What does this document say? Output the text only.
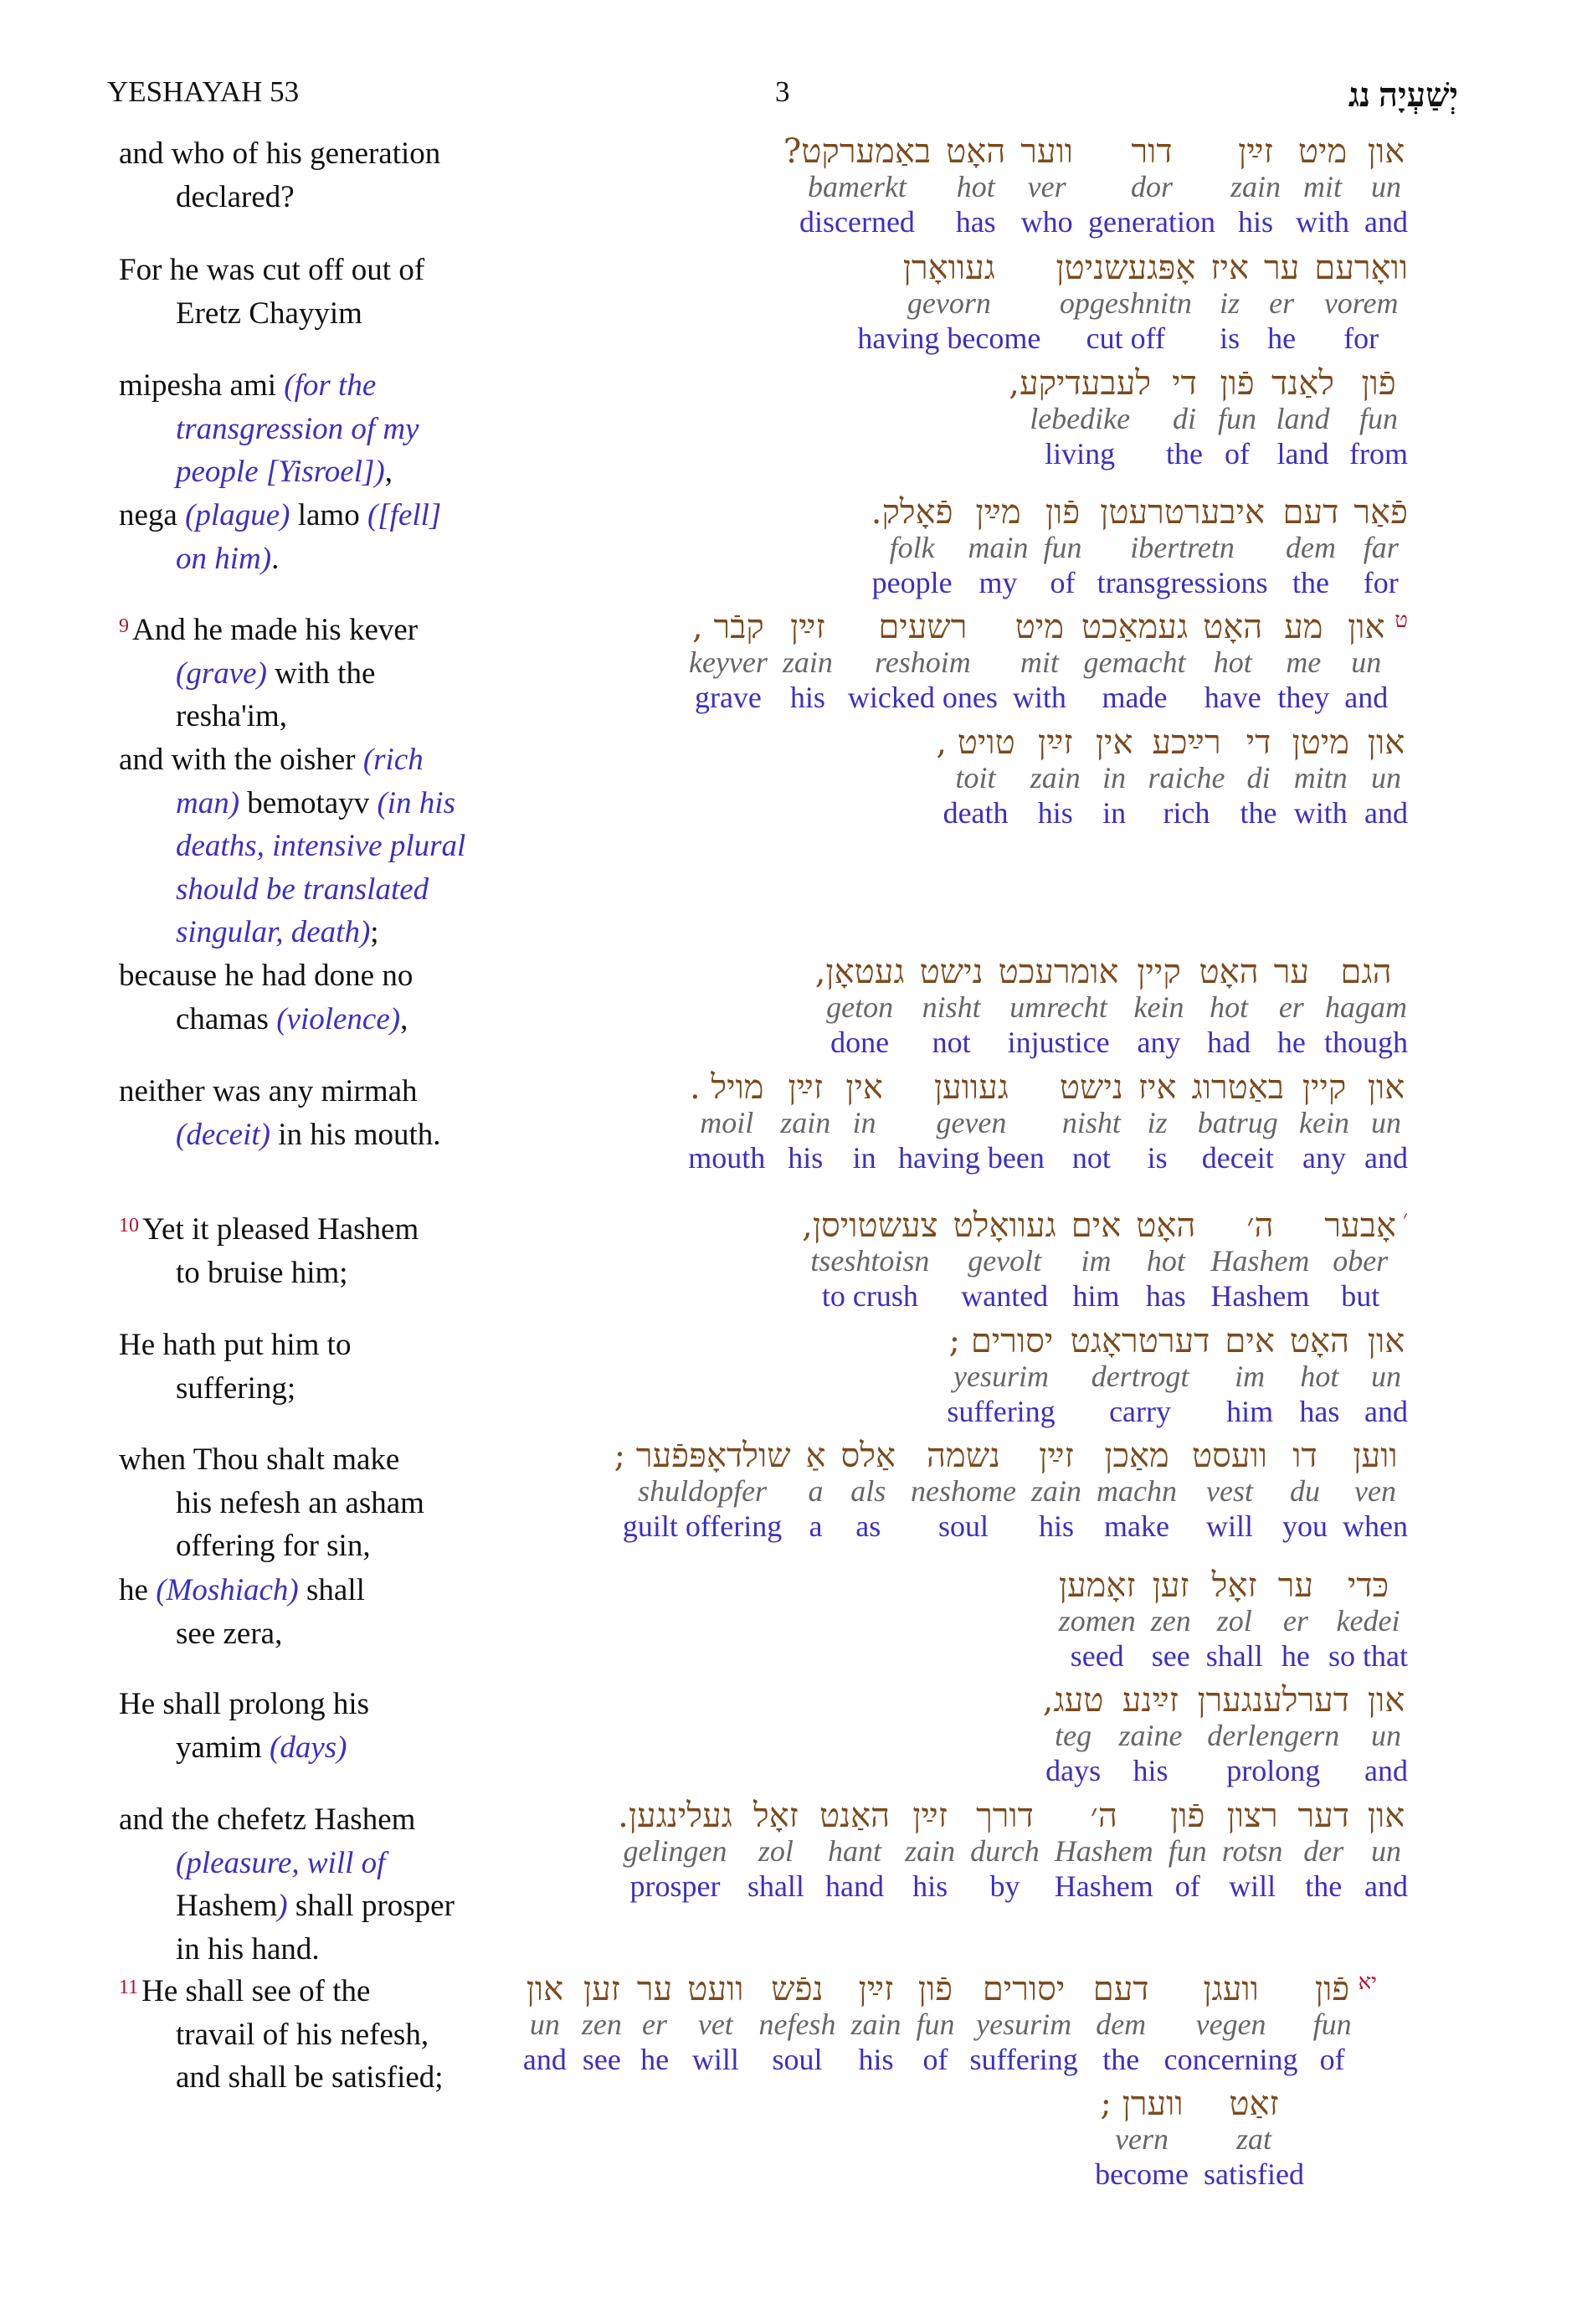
YESHAYAH 53	3	יְשַׁעְיָה נג
and who of his generation
declared?
For he was cut off out of
Eretz Chayyim
mipesha ami (for the
transgression of my
people [Yisroel]),
nega (plague) lamo ([fell]
on him).
$^9$ And he made his kever
(grave) with the
resha'im,
and with the oisher (rich
man) bemotayv (in his
deaths, intensive plural
should be translated
singular, death);
because he had done no
chamas (violence),
neither was any mirmah
(deceit) in his mouth.
$^{10}$ Yet it pleased Hashem
to bruise him;
He hath put him to
suffering;
when Thou shalt make
his nefesh an asham
offering for sin,
he (Moshiach) shall
see zera,
He shall prolong his
yamim (days)
and the chefetz Hashem
(pleasure, will of
Hashem) shall prosper
in his hand.
$^{11}$ He shall see of the
travail of his nefesh,
and shall be satisfied;
און
un
and
מיט
mit
with
זײַן
zain
his
דור
dor
generation
ווער
ver
who
האָט
hot
has
באַמערקט?
bamerkt
discerned
וואָרעם
vorem
for
ער
er
he
איז
iz
is
אָפּגעשניטן
opgeshnitn
cut off
געוואָרן
gevorn
having become
פֿון
fun
from
לאַנד
land
land
פֿון
fun
of
די
di
the
לעבעדיקע,
lebedike
living
פֿאַר
far
for
דעם
dem
the
איבערטרעטן
ibertretn
transgressions
פֿון
fun
of
מײַן
main
my
פֿאָלק.
folk
people
ט
און
un
and
מע
me
they
האָט
hot
have
געמאַכט
gemacht
made
מיט
mit
with
רשעים
reshoim
wicked ones
זײַן
zain
his
קבֿר ,
keyver
grave
און
un
and
מיטן
mitn
with
די
di
the
רײַכע
raiche
rich
אין
in
in
זײַן
zain
his
טויט ,
toit
death
הגם
hagam
though
ער
er
he
האָט
hot
had
קיין
kein
any
אומרעכט
umrecht
injustice
נישט
nisht
not
געטאָן,
geton
done
און
un
and
קיין
kein
any
באַטרוג
batrug
deceit
איז
iz
is
נישט
nisht
not
געווען
geven
having been
אין
in
in
זײַן
zain
his
מויל .
moil
mouth
׳
אָבער
ober
but
ה׳
Hashem
Hashem
האָט
hot
has
אים
im
him
געוואָלט
gevolt
wanted
צעשטויסן,
tseshtoisn
to crush
און
un
and
האָט
hot
has
אים
im
him
דערטראָגט
dertrogt
carry
יסורים ;
yesurim
suffering
ווען
ven
when
דו
du
you
וועסט
vest
will
מאַכן
machn
make
זײַן
zain
his
נשמה
neshome
soul
אַלס
als
as
אַ
a
a
שולדאָפּפֿער ;
shuldopfer
guilt offering
כּדי
kedei
so that
ער
er
he
זאָל
zol
shall
זען
zen
see
זאָמען
zomen
seed
און
un
and
דערלענגערן
derlengern
prolong
זײַנע
zaine
his
טעג,
teg
days
און
un
and
דער
der
the
רצון
rotsn
will
פֿון
fun
of
ה׳
Hashem
Hashem
דורך
durch
by
זײַן
zain
his
האַנט
hant
hand
זאָל
zol
shall
געלינגען.
gelingen
prosper
יא
פֿון
fun
of
וועגן
vegen
concerning
דעם
dem
the
יסורים
yesurim
suffering
פֿון
fun
of
זײַן
zain
his
נפֿש
nefesh
soul
וועט
vet
will
ער
er
he
זען
zen
see
און
un
and
זאַט
zat
satisfied
ווערן ;
vern
become
